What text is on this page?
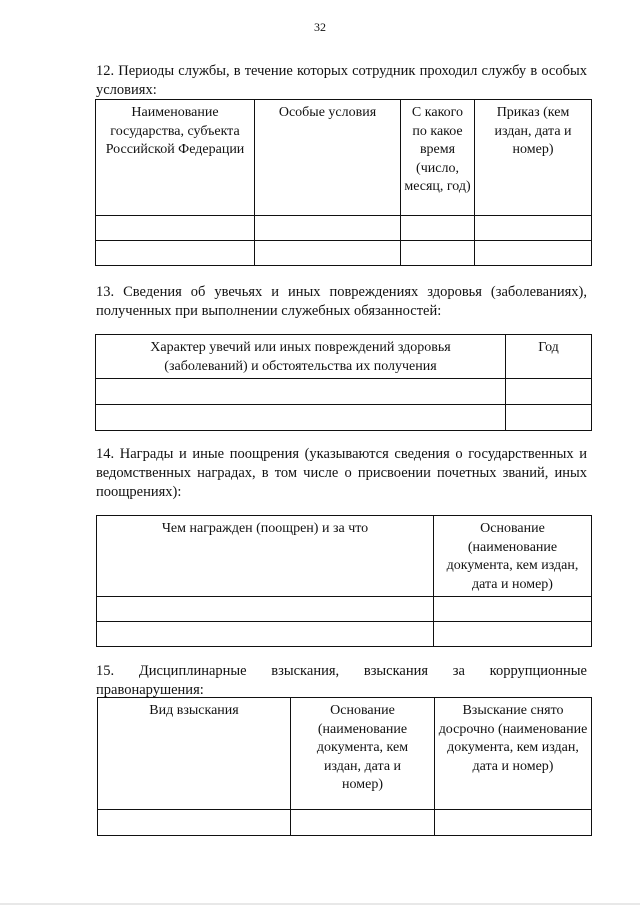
32

12. Периоды службы, в течение которых сотрудник проходил службу в особых условиях:

Наименование государства, субъекта Российской Федерации	Особые условия	С какого по какое время (число, месяц, год)	Приказ (кем издан, дата и номер)

13. Сведения об увечьях и иных повреждениях здоровья (заболеваниях), полученных при выполнении служебных обязанностей:

Характер увечий или иных повреждений здоровья (заболеваний) и обстоятельства их получения	Год

14. Награды и иные поощрения (указываются сведения о государственных и ведомственных наградах, в том числе о присвоении почетных званий, иных поощрениях):

Чем награжден (поощрен) и за что	Основание (наименование документа, кем издан, дата и номер)

15. Дисциплинарные взыскания, взыскания за коррупционные правонарушения:

Вид взыскания	Основание (наименование документа, кем издан, дата и номер)	Взыскание снято досрочно (наименование документа, кем издан, дата и номер)
